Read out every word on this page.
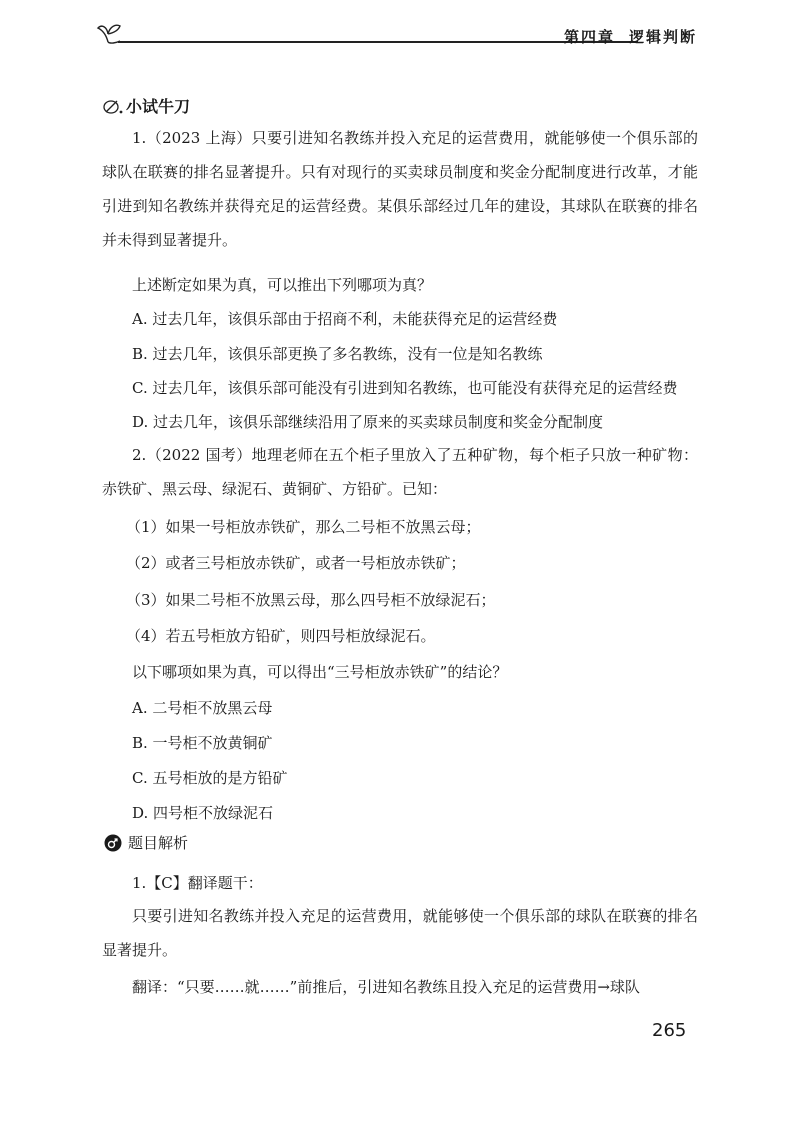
第四章 逻辑判断
小试牛刀
1.（2023 上海）只要引进知名教练并投入充足的运营费用，就能够使一个俱乐部的球队在联赛的排名显著提升。只有对现行的买卖球员制度和奖金分配制度进行改革，才能引进到知名教练并获得充足的运营经费。某俱乐部经过几年的建设，其球队在联赛的排名并未得到显著提升。
上述断定如果为真，可以推出下列哪项为真？
A. 过去几年，该俱乐部由于招商不利，未能获得充足的运营经费
B. 过去几年，该俱乐部更换了多名教练，没有一位是知名教练
C. 过去几年，该俱乐部可能没有引进到知名教练，也可能没有获得充足的运营经费
D. 过去几年，该俱乐部继续沿用了原来的买卖球员制度和奖金分配制度
2.（2022 国考）地理老师在五个柜子里放入了五种矿物，每个柜子只放一种矿物：赤铁矿、黑云母、绿泥石、黄铜矿、方铅矿。已知：
（1）如果一号柜放赤铁矿，那么二号柜不放黑云母；
（2）或者三号柜放赤铁矿，或者一号柜放赤铁矿；
（3）如果二号柜不放黑云母，那么四号柜不放绿泥石；
（4）若五号柜放方铅矿，则四号柜放绿泥石。
以下哪项如果为真，可以得出“三号柜放赤铁矿”的结论？
A. 二号柜不放黑云母
B. 一号柜不放黄铜矿
C. 五号柜放的是方铅矿
D. 四号柜不放绿泥石
题目解析
1.【C】翻译题干：
只要引进知名教练并投入充足的运营费用，就能够使一个俱乐部的球队在联赛的排名显著提升。
翻译：“只要……就……”前推后，引进知名教练且投入充足的运营费用→球队
265
